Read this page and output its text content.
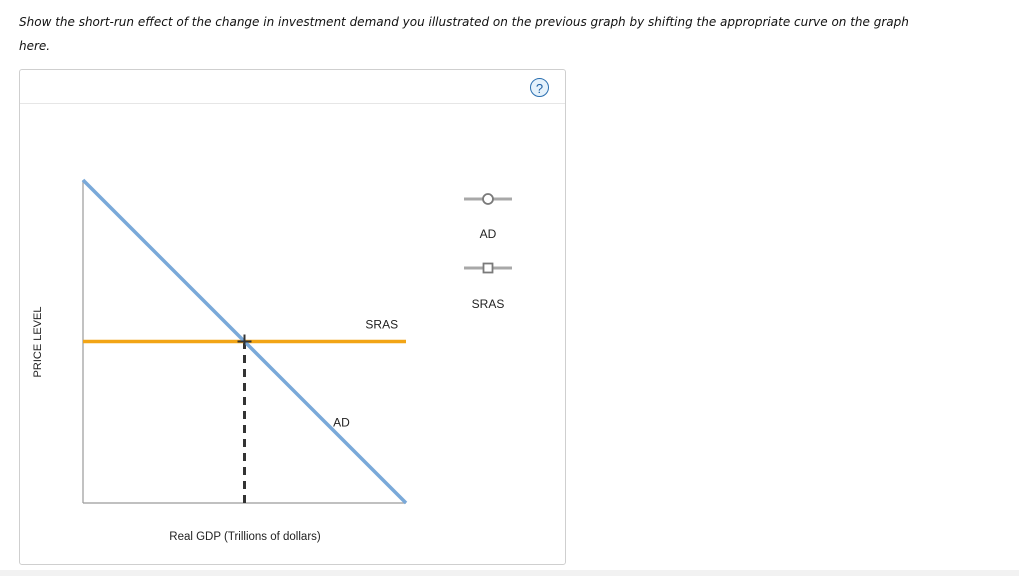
Show the short-run effect of the change in investment demand you illustrated on the previous graph by shifting the appropriate curve on the graph
here.
?
PRICE LEVEL
Real GDP (Trillions of dollars)
SRAS
AD
AD
SRAS
